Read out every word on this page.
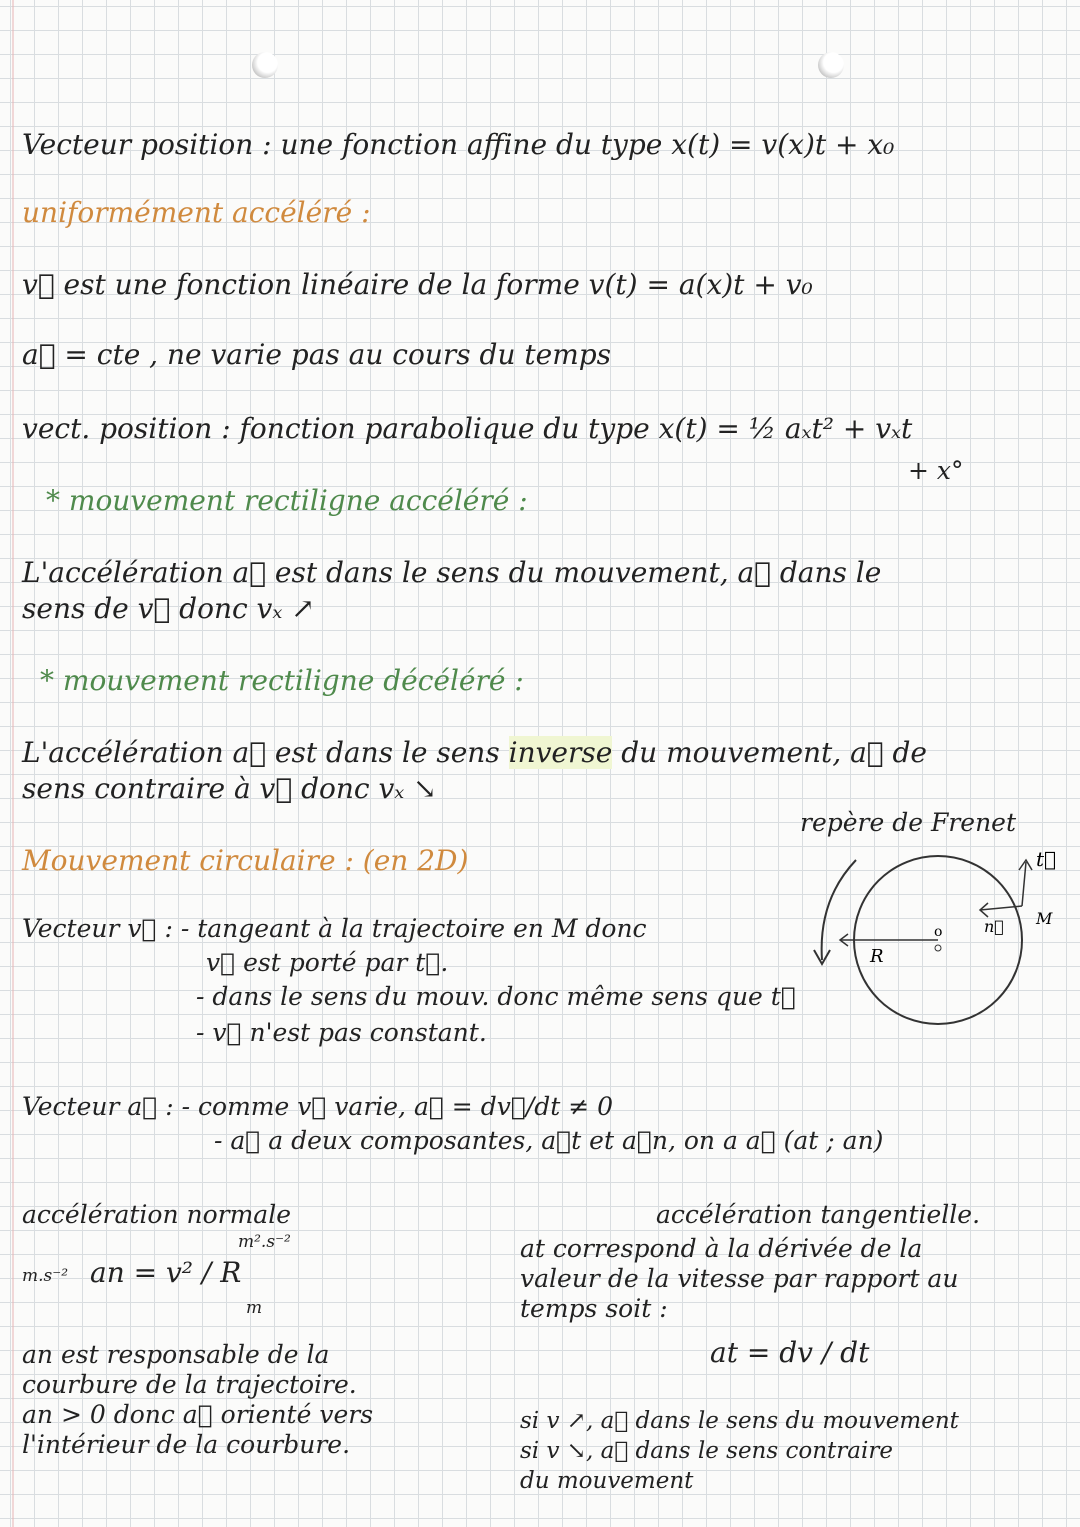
Vecteur position : une fonction affine du type x(t) = v(x)t + x₀
uniformément accéléré :
v⃗ est une fonction linéaire de la forme v(t) = a(x)t + v₀
a⃗ = cte , ne varie pas au cours du temps
vect. position : fonction parabolique du type x(t) = ½ aₓt² + vₓt
+ x°
* mouvement rectiligne accéléré :
L'accélération a⃗ est dans le sens du mouvement, a⃗ dans le
sens de v⃗ donc vₓ ↗
* mouvement rectiligne décéléré :
L'accélération a⃗ est dans le sens inverse du mouvement, a⃗ de
sens contraire à v⃗ donc vₓ ↘
repère de Frenet
t⃗
n⃗ M
R
o
Mouvement circulaire : (en 2D)
Vecteur v⃗ : - tangeant à la trajectoire en M donc
v⃗ est porté par t⃗.
- dans le sens du mouv. donc même sens que t⃗
- v⃗ n'est pas constant.
Vecteur a⃗ : - comme v⃗ varie, a⃗ = dv⃗/dt ≠ 0
- a⃗ a deux composantes, a⃗t et a⃗n, on a a⃗ (at ; an)
accélération normale
m².s⁻²
m.s⁻² an = v² / R
m
an est responsable de la
courbure de la trajectoire.
an > 0 donc a⃗ orienté vers
l'intérieur de la courbure.
accélération tangentielle.
at correspond à la dérivée de la
valeur de la vitesse par rapport au
temps soit :
at = dv / dt
si v ↗, a⃗ dans le sens du mouvement
si v ↘, a⃗ dans le sens contraire
du mouvement
